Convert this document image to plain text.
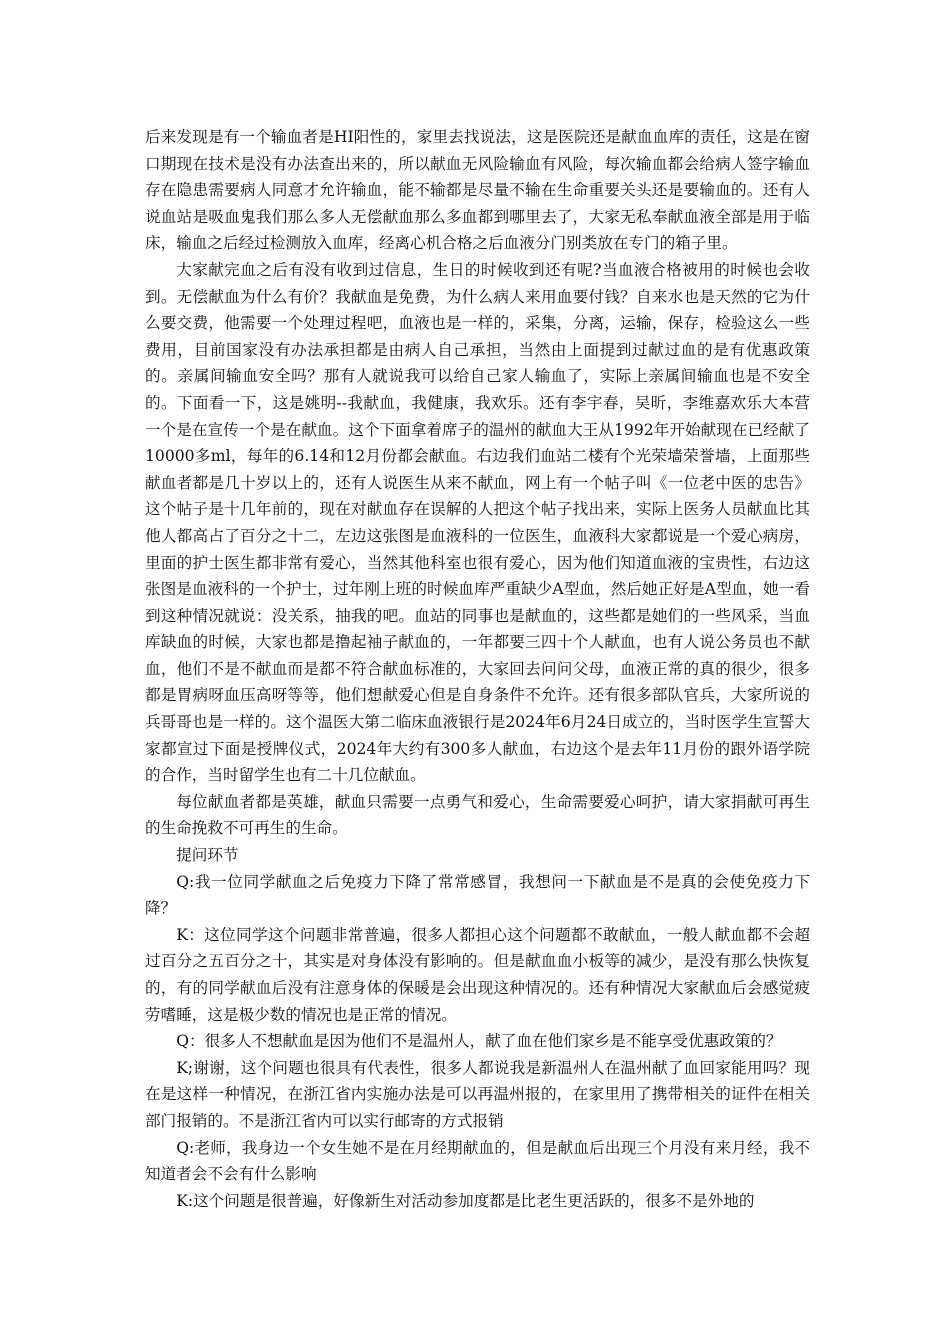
后来发现是有一个输血者是HI阳性的，家里去找说法，这是医院还是献血血库的责任，这是在窗口期现在技术是没有办法查出来的，所以献血无风险输血有风险，每次输血都会给病人签字输血存在隐患需要病人同意才允许输血，能不输都是尽量不输在生命重要关头还是要输血的。还有人说血站是吸血鬼我们那么多人无偿献血那么多血都到哪里去了，大家无私奉献血液全部是用于临床，输血之后经过检测放入血库，经离心机合格之后血液分门别类放在专门的箱子里。

大家献完血之后有没有收到过信息，生日的时候收到还有呢?当血液合格被用的时候也会收到。无偿献血为什么有价？我献血是免费，为什么病人来用血要付钱？自来水也是天然的它为什么要交费，他需要一个处理过程吧，血液也是一样的，采集，分离，运输，保存，检验这么一些费用，目前国家没有办法承担都是由病人自己承担，当然由上面提到过献过血的是有优惠政策的。亲属间输血安全吗？那有人就说我可以给自己家人输血了，实际上亲属间输血也是不安全的。下面看一下，这是姚明--我献血，我健康，我欢乐。还有李宇春，吴昕，李维嘉欢乐大本营一个是在宣传一个是在献血。这个下面拿着席子的温州的献血大王从1992年开始献现在已经献了10000多ml，每年的6.14和12月份都会献血。右边我们血站二楼有个光荣墙荣誉墙，上面那些献血者都是几十岁以上的，还有人说医生从来不献血，网上有一个帖子叫《一位老中医的忠告》这个帖子是十几年前的，现在对献血存在误解的人把这个帖子找出来，实际上医务人员献血比其他人都高占了百分之十二，左边这张图是血液科的一位医生，血液科大家都说是一个爱心病房，里面的护士医生都非常有爱心，当然其他科室也很有爱心，因为他们知道血液的宝贵性，右边这张图是血液科的一个护士，过年刚上班的时候血库严重缺少A型血，然后她正好是A型血，她一看到这种情况就说：没关系，抽我的吧。血站的同事也是献血的，这些都是她们的一些风采，当血库缺血的时候，大家也都是撸起袖子献血的，一年都要三四十个人献血，也有人说公务员也不献血，他们不是不献血而是都不符合献血标准的，大家回去问问父母，血液正常的真的很少，很多都是胃病呀血压高呀等等，他们想献爱心但是自身条件不允许。还有很多部队官兵，大家所说的兵哥哥也是一样的。这个温医大第二临床血液银行是2024年6月24日成立的，当时医学生宣誓大家都宣过下面是授牌仪式，2024年大约有300多人献血，右边这个是去年11月份的跟外语学院的合作，当时留学生也有二十几位献血。

每位献血者都是英雄，献血只需要一点勇气和爱心，生命需要爱心呵护，请大家捐献可再生的生命挽救不可再生的生命。

提问环节

Q:我一位同学献血之后免疫力下降了常常感冒，我想问一下献血是不是真的会使免疫力下降？

K：这位同学这个问题非常普遍，很多人都担心这个问题都不敢献血，一般人献血都不会超过百分之五百分之十，其实是对身体没有影响的。但是献血血小板等的减少，是没有那么快恢复的，有的同学献血后没有注意身体的保暖是会出现这种情况的。还有种情况大家献血后会感觉疲劳嗜睡，这是极少数的情况也是正常的情况。

Q：很多人不想献血是因为他们不是温州人，献了血在他们家乡是不能享受优惠政策的？

K;谢谢，这个问题也很具有代表性，很多人都说我是新温州人在温州献了血回家能用吗？现在是这样一种情况，在浙江省内实施办法是可以再温州报的，在家里用了携带相关的证件在相关部门报销的。不是浙江省内可以实行邮寄的方式报销

Q:老师，我身边一个女生她不是在月经期献血的，但是献血后出现三个月没有来月经，我不知道者会不会有什么影响

K:这个问题是很普遍，好像新生对活动参加度都是比老生更活跃的，很多不是外地的
